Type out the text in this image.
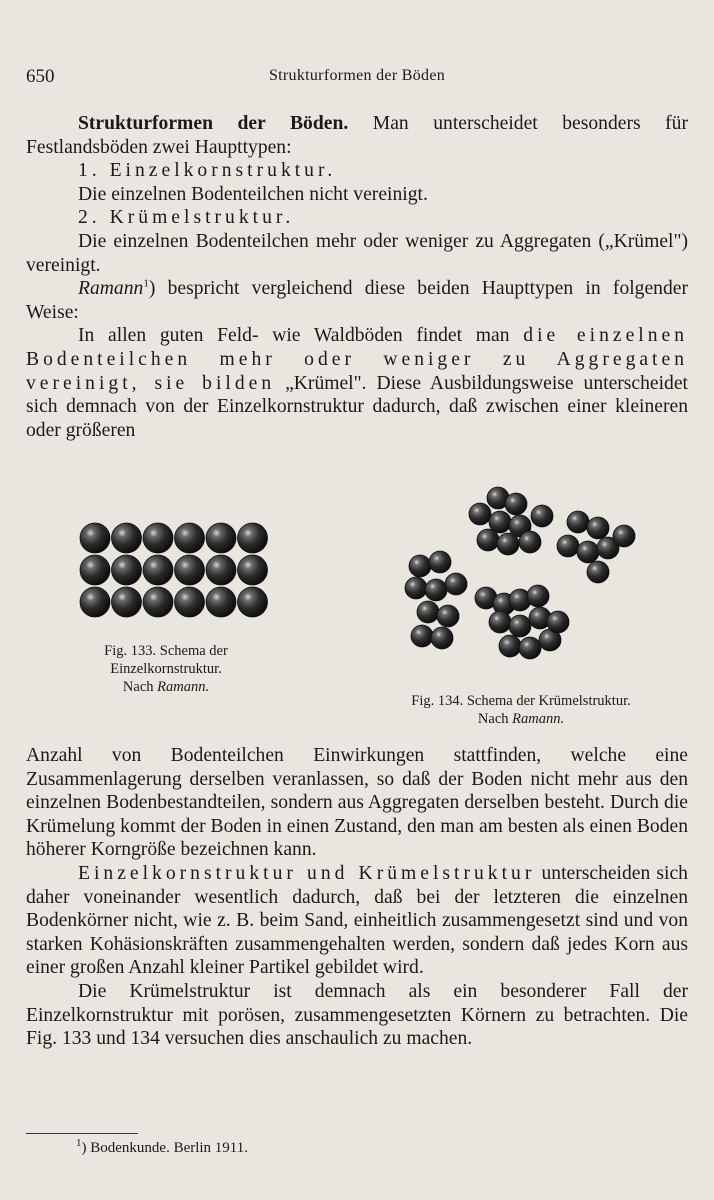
650	Strukturformen der Böden

Strukturformen der Böden. Man unterscheidet besonders für Festlandsböden zwei Haupttypen:

1. Einzelkornstruktur.

Die einzelnen Bodenteilchen nicht vereinigt.

2. Krümelstruktur.

Die einzelnen Bodenteilchen mehr oder weniger zu Aggregaten („Krümel") vereinigt.

Ramann$^1$) bespricht vergleichend diese beiden Haupttypen in folgender Weise:

In allen guten Feld- wie Waldböden findet man die einzelnen Bodenteilchen mehr oder weniger zu Aggregaten vereinigt, sie bilden „Krümel". Diese Ausbildungsweise unterscheidet sich demnach von der Einzelkornstruktur dadurch, daß zwischen einer kleineren oder größeren

Fig. 133. Schema der Einzelkornstruktur.
Nach Ramann.
Fig. 134. Schema der Krümelstruktur.
Nach Ramann.

Anzahl von Bodenteilchen Einwirkungen stattfinden, welche eine Zusammenlagerung derselben veranlassen, so daß der Boden nicht mehr aus den einzelnen Bodenbestandteilen, sondern aus Aggregaten derselben besteht. Durch die Krümelung kommt der Boden in einen Zustand, den man am besten als einen Boden höherer Korngröße bezeichnen kann.

Einzelkornstruktur und Krümelstruktur unterscheiden sich daher voneinander wesentlich dadurch, daß bei der letzteren die einzelnen Bodenkörner nicht, wie z. B. beim Sand, einheitlich zusammengesetzt sind und von starken Kohäsionskräften zusammengehalten werden, sondern daß jedes Korn aus einer großen Anzahl kleiner Partikel gebildet wird.

Die Krümelstruktur ist demnach als ein besonderer Fall der Einzelkornstruktur mit porösen, zusammengesetzten Körnern zu betrachten. Die Fig. 133 und 134 versuchen dies anschaulich zu machen.

$^1$) Bodenkunde. Berlin 1911.
